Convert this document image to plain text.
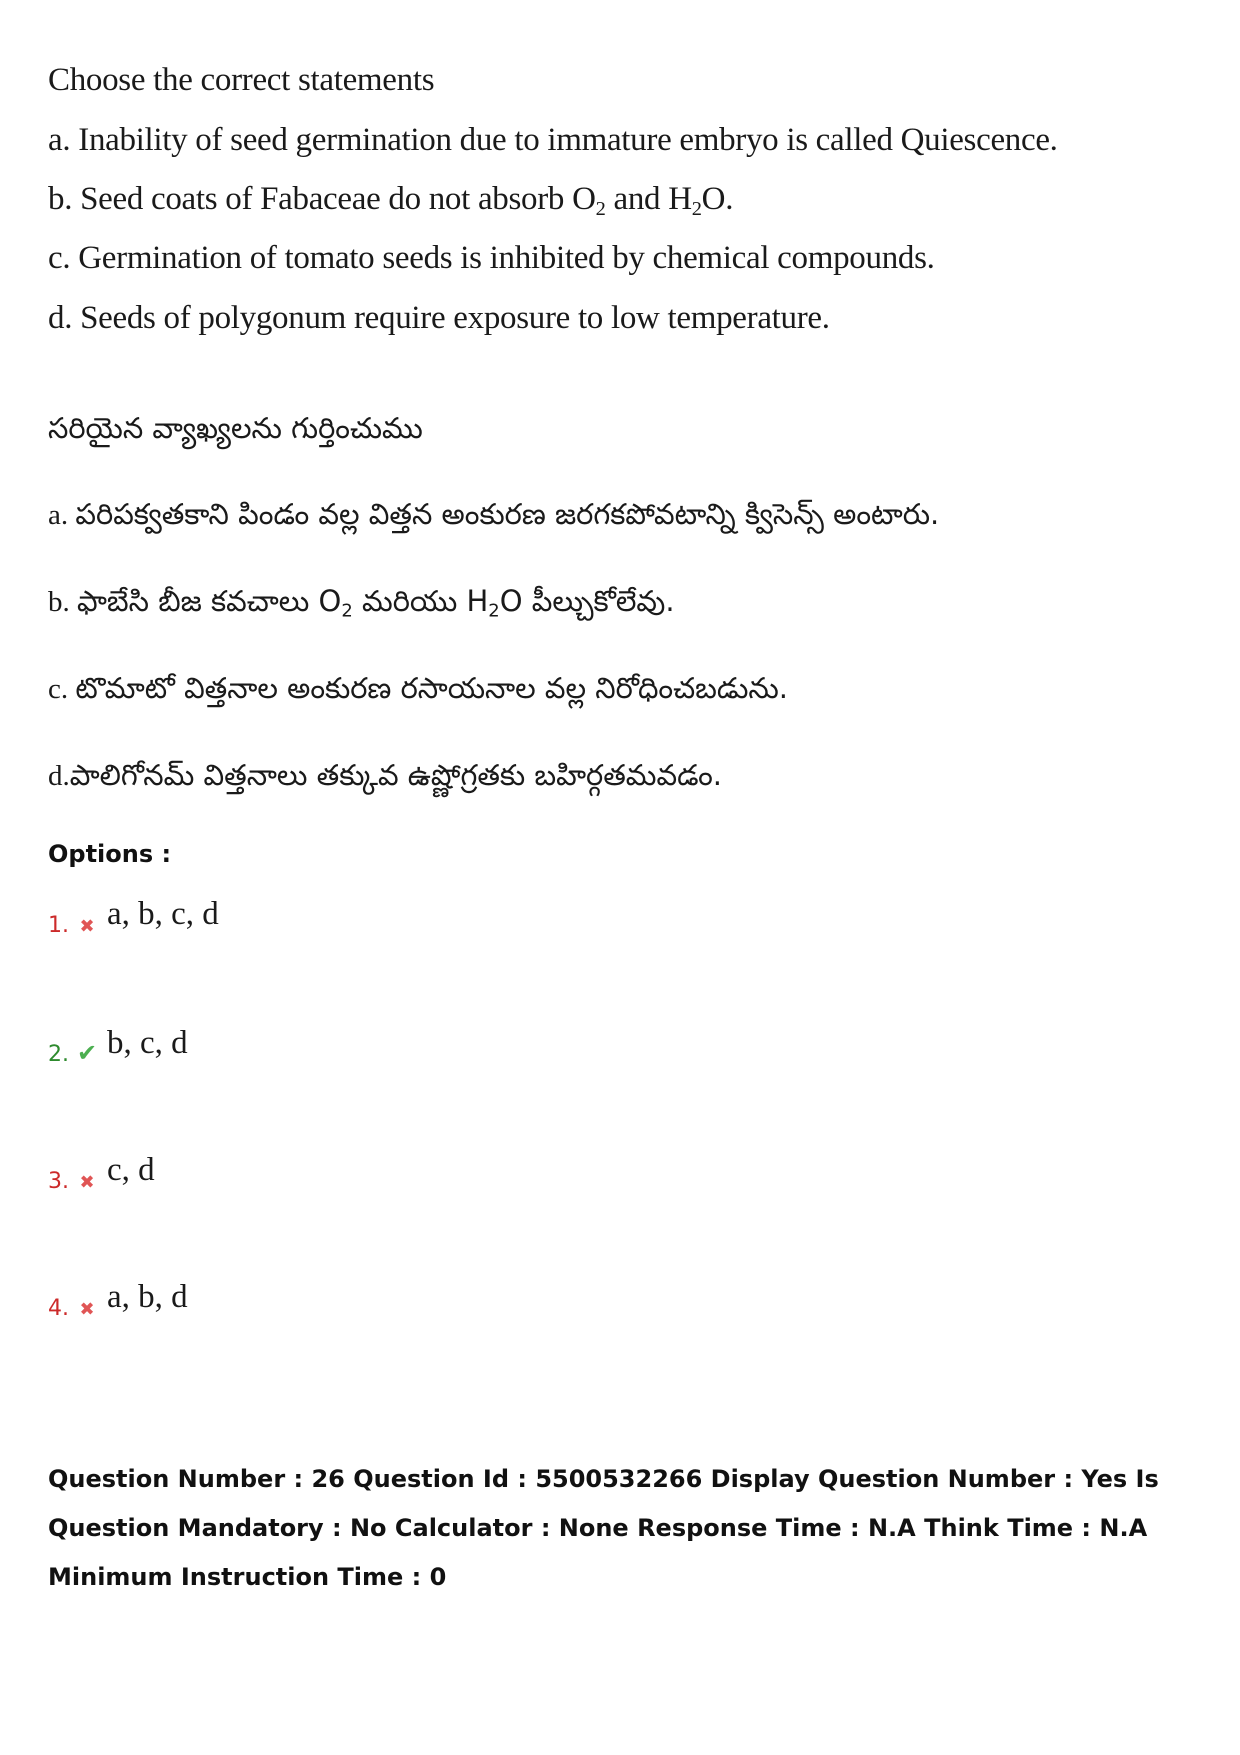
Choose the correct statements
a. Inability of seed germination due to immature embryo is called Quiescence.
b. Seed coats of Fabaceae do not absorb $O_2$ and $H_2O$.
c. Germination of tomato seeds is inhibited by chemical compounds.
d. Seeds of polygonum require exposure to low temperature.
సరియైన వ్యాఖ్యలను గుర్తించుము
a. పరిపక్వతకాని పిండం వల్ల విత్తన అంకురణ జరగకపోవటాన్ని క్విసెన్స్ అంటారు.
b. ఫాబేసి బీజ కవచాలు $O_2$ మరియు $H_2O$ పీల్చుకోలేవు.
c. టొమాటో విత్తనాల అంకురణ రసాయనాల వల్ల నిరోధించబడును.
d.పాలిగోనమ్ విత్తనాలు తక్కువ ఉష్ణోగ్రతకు బహిర్గతమవడం.
Options :
1. ✖ a, b, c, d
2. ✔ b, c, d
3. ✖ c, d
4. ✖ a, b, d
Question Number : 26 Question Id : 5500532266 Display Question Number : Yes Is Question Mandatory : No Calculator : None Response Time : N.A Think Time : N.A Minimum Instruction Time : 0
